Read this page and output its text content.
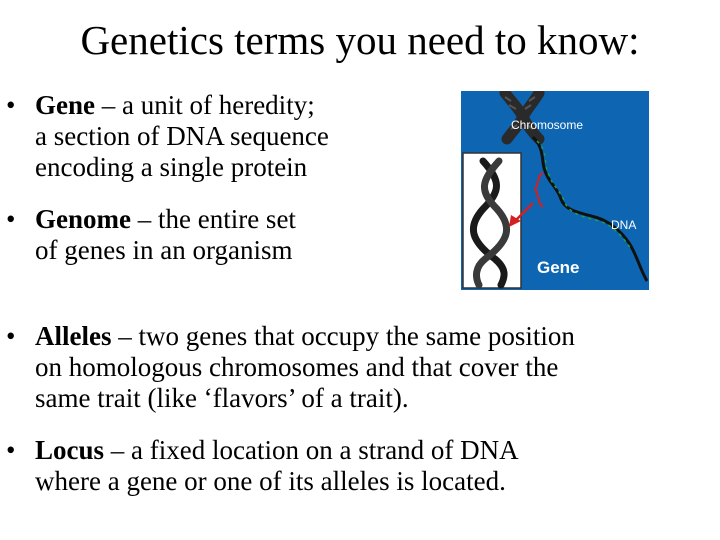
Genetics terms you need to know:
• Gene – a unit of heredity;
a section of DNA sequence
encoding a single protein
• Genome – the entire set
of genes in an organism
• Alleles – two genes that occupy the same position
on homologous chromosomes and that cover the
same trait (like ‘flavors’ of a trait).
• Locus – a fixed location on a strand of DNA
where a gene or one of its alleles is located.
Chromosome
DNA
Gene
